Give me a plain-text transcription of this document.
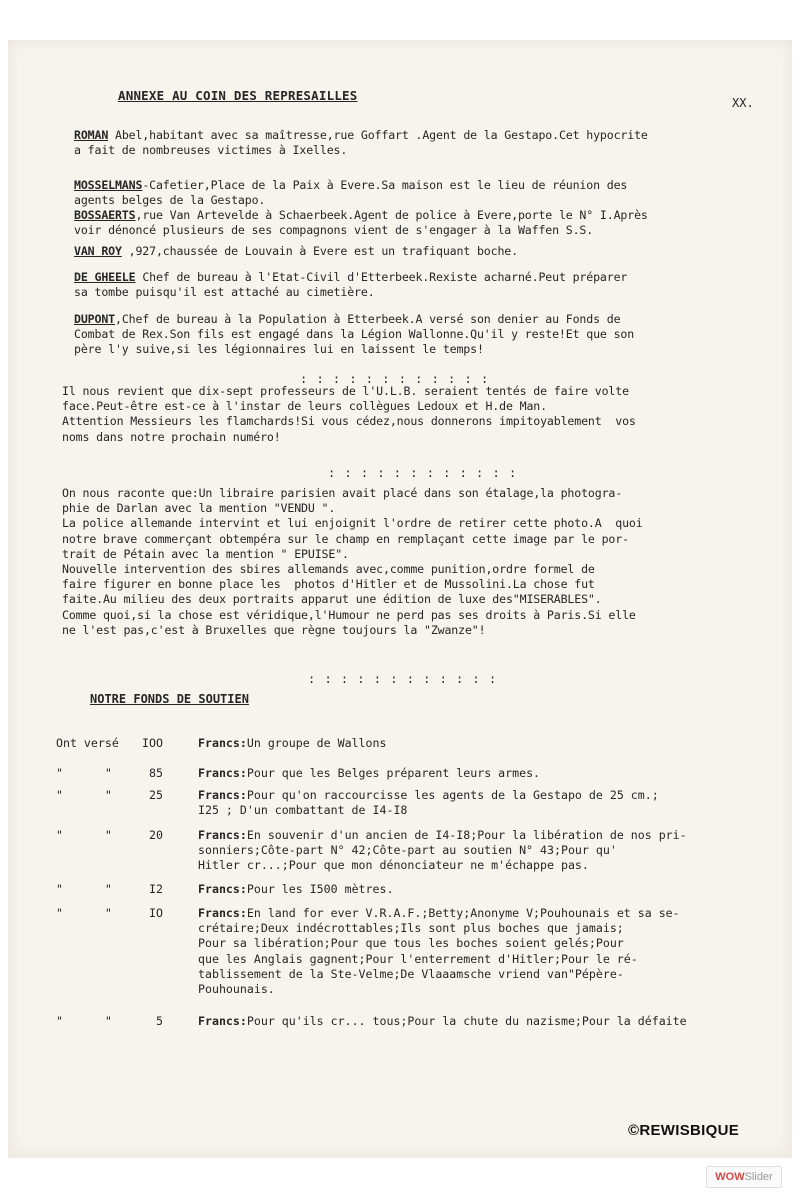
ANNEXE AU COIN DES REPRESAILLES	XX.
ROMAN Abel,habitant avec sa maîtresse,rue Goffart .Agent de la Gestapo.Cet hypocrite
a fait de nombreuses victimes à Ixelles.
MOSSELMANS-Cafetier,Place de la Paix à Evere.Sa maison est le lieu de réunion des
agents belges de la Gestapo.
BOSSAERTS,rue Van Artevelde à Schaerbeek.Agent de police à Evere,porte le N° I.Après
voir dénoncé plusieurs de ses compagnons vient de s'engager à la Waffen S.S.
VAN ROY ,927,chaussée de Louvain à Evere est un trafiquant boche.
DE GHEELE Chef de bureau à l'Etat-Civil d'Etterbeek.Rexiste acharné.Peut préparer
sa tombe puisqu'il est attaché au cimetière.
DUPONT,Chef de bureau à la Population à Etterbeek.A versé son denier au Fonds de
Combat de Rex.Son fils est engagé dans la Légion Wallonne.Qu'il y reste!Et que son
père l'y suive,si les légionnaires lui en laissent le temps!
: : : : : : : : : : : :
Il nous revient que dix-sept professeurs de l'U.L.B. seraient tentés de faire volte
face.Peut-être est-ce à l'instar de leurs collègues Ledoux et H.de Man.
Attention Messieurs les flamchards!Si vous cédez,nous donnerons impitoyablement  vos
noms dans notre prochain numéro!
: : : : : : : : : : : :
On nous raconte que:Un libraire parisien avait placé dans son étalage,la photogra-
phie de Darlan avec la mention "VENDU ".
La police allemande intervint et lui enjoignit l'ordre de retirer cette photo.A  quoi
notre brave commerçant obtempéra sur le champ en remplaçant cette image par le por-
trait de Pétain avec la mention " EPUISE".
Nouvelle intervention des sbires allemands avec,comme punition,ordre formel de
faire figurer en bonne place les  photos d'Hitler et de Mussolini.La chose fut
faite.Au milieu des deux portraits apparut une édition de luxe des"MISERABLES".
Comme quoi,si la chose est véridique,l'Humour ne perd pas ses droits à Paris.Si elle
ne l'est pas,c'est à Bruxelles que règne toujours la "Zwanze"!
: : : : : : : : : : : :
NOTRE FONDS DE SOUTIEN
Ont versé	IOO	Francs:Un groupe de Wallons
"      "	85	Francs:Pour que les Belges préparent leurs armes.
"      "	25	Francs:Pour qu'on raccourcisse les agents de la Gestapo de 25 cm.;
I25 ; D'un combattant de I4-I8
"      "	20	Francs:En souvenir d'un ancien de I4-I8;Pour la libération de nos pri-
sonniers;Côte-part N° 42;Côte-part au soutien N° 43;Pour qu'
Hitler cr...;Pour que mon dénonciateur ne m'échappe pas.
"      "	I2	Francs:Pour les I500 mètres.
"      "	IO	Francs:En land for ever V.R.A.F.;Betty;Anonyme V;Pouhounais et sa se-
crétaire;Deux indécrottables;Ils sont plus boches que jamais;
Pour sa libération;Pour que tous les boches soient gelés;Pour
que les Anglais gagnent;Pour l'enterrement d'Hitler;Pour le ré-
tablissement de la Ste-Velme;De Vlaaamsche vriend van"Pépère-
Pouhounais.
"      "	5	Francs:Pour qu'ils cr... tous;Pour la chute du nazisme;Pour la défaite
©REWISBIQUE
WOWSlider
